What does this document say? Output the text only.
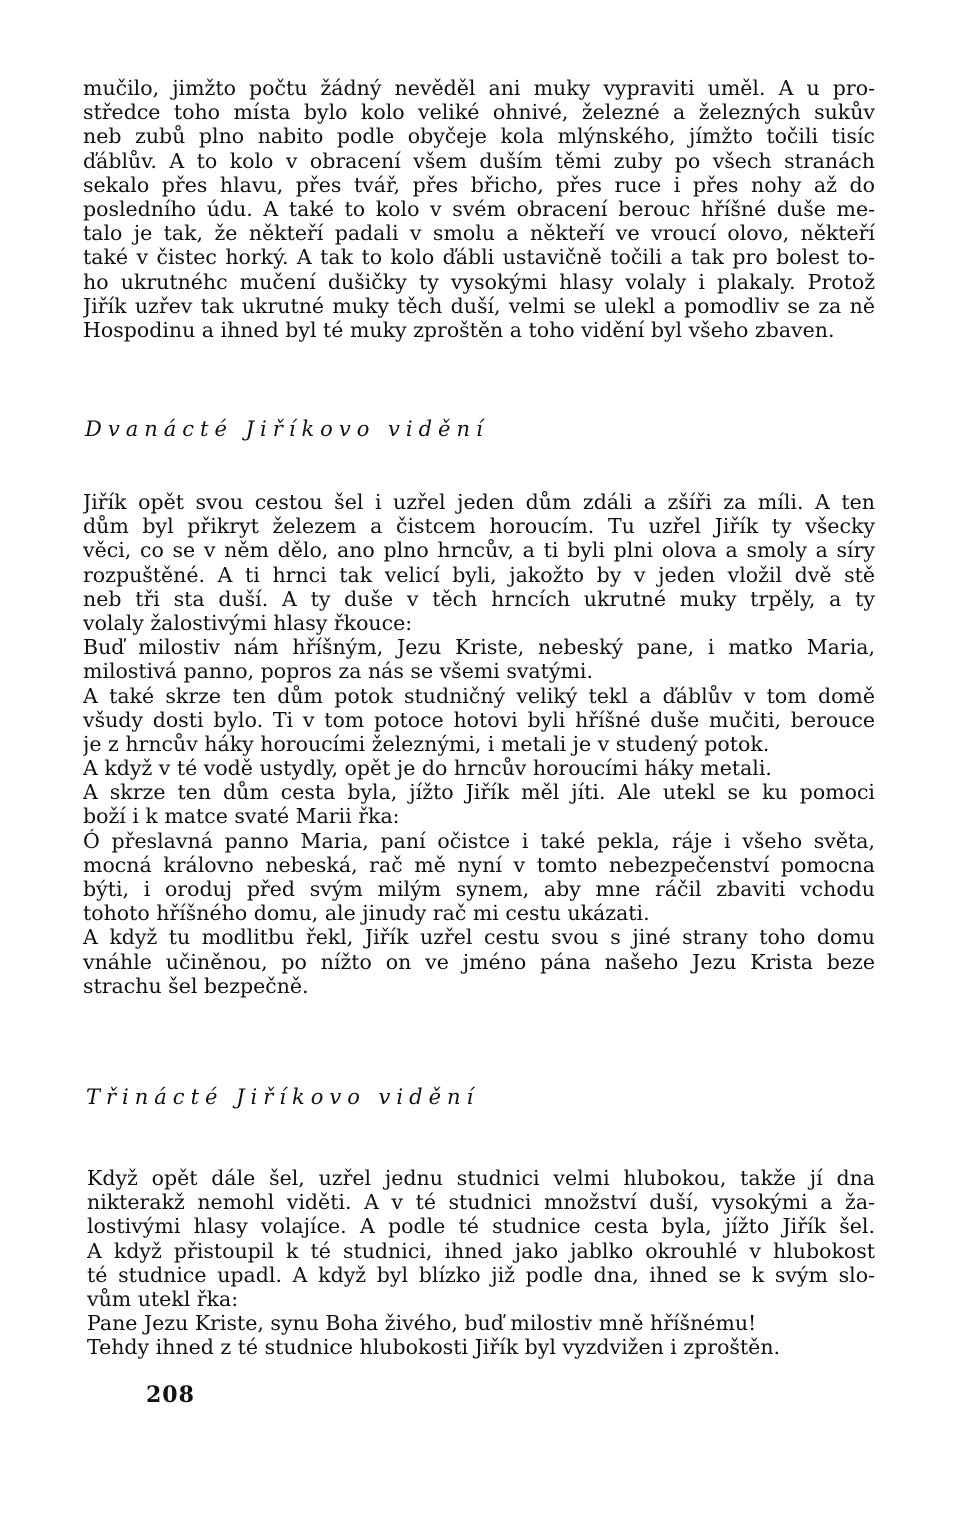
mučilo, jimžto počtu žádný nevěděl ani muky vypraviti uměl. A u pro-
středce toho místa bylo kolo veliké ohnivé, železné a železných sukův
neb zubů plno nabito podle obyčeje kola mlýnského, jímžto točili tisíc
ďáblův. A to kolo v obracení všem duším těmi zuby po všech stranách
sekalo přes hlavu, přes tvář, přes břicho, přes ruce i přes nohy až do
posledního údu. A také to kolo v svém obracení berouc hříšné duše me-
talo je tak, že někteří padali v smolu a někteří ve vroucí olovo, někteří
také v čistec horký. A tak to kolo ďábli ustavičně točili a tak pro bolest to-
ho ukrutnéhc mučení dušičky ty vysokými hlasy volaly i plakaly. Protož
Jiřík uzřev tak ukrutné muky těch duší, velmi se ulekl a pomodliv se za ně
Hospodinu a ihned byl té muky zproštěn a toho vidění byl všeho zbaven.
Dvanácté Jiříkovo vidění
Jiřík opět svou cestou šel i uzřel jeden dům zdáli a zšíři za míli. A ten
dům byl přikryt železem a čistcem horoucím. Tu uzřel Jiřík ty všecky
věci, co se v něm dělo, ano plno hrncův, a ti byli plni olova a smoly a síry
rozpuštěné. A ti hrnci tak velicí byli, jakožto by v jeden vložil dvě stě
neb tři sta duší. A ty duše v těch hrncích ukrutné muky trpěly, a ty
volaly žalostivými hlasy řkouce:
Buď milostiv nám hříšným, Jezu Kriste, nebeský pane, i matko Maria,
milostivá panno, popros za nás se všemi svatými.
A také skrze ten dům potok studničný veliký tekl a ďáblův v tom domě
všudy dosti bylo. Ti v tom potoce hotovi byli hříšné duše mučiti, berouce
je z hrncův háky horoucími železnými, i metali je v studený potok.
A když v té vodě ustydly, opět je do hrncův horoucími háky metali.
A skrze ten dům cesta byla, jížto Jiřík měl jíti. Ale utekl se ku pomoci
boží i k matce svaté Marii řka:
Ó přeslavná panno Maria, paní očistce i také pekla, ráje i všeho světa,
mocná královno nebeská, rač mě nyní v tomto nebezpečenství pomocna
býti, i oroduj před svým milým synem, aby mne ráčil zbaviti vchodu
tohoto hříšného domu, ale jinudy rač mi cestu ukázati.
A když tu modlitbu řekl, Jiřík uzřel cestu svou s jiné strany toho domu
vnáhle učiněnou, po nížto on ve jméno pána našeho Jezu Krista beze
strachu šel bezpečně.
Třinácté Jiříkovo vidění
Když opět dále šel, uzřel jednu studnici velmi hlubokou, takže jí dna
nikterakž nemohl viděti. A v té studnici množství duší, vysokými a ža-
lostivými hlasy volajíce. A podle té studnice cesta byla, jížto Jiřík šel.
A když přistoupil k té studnici, ihned jako jablko okrouhlé v hlubokost
té studnice upadl. A když byl blízko již podle dna, ihned se k svým slo-
vům utekl řka:
Pane Jezu Kriste, synu Boha živého, buď milostiv mně hříšnému!
Tehdy ihned z té studnice hlubokosti Jiřík byl vyzdvižen i zproštěn.
208
